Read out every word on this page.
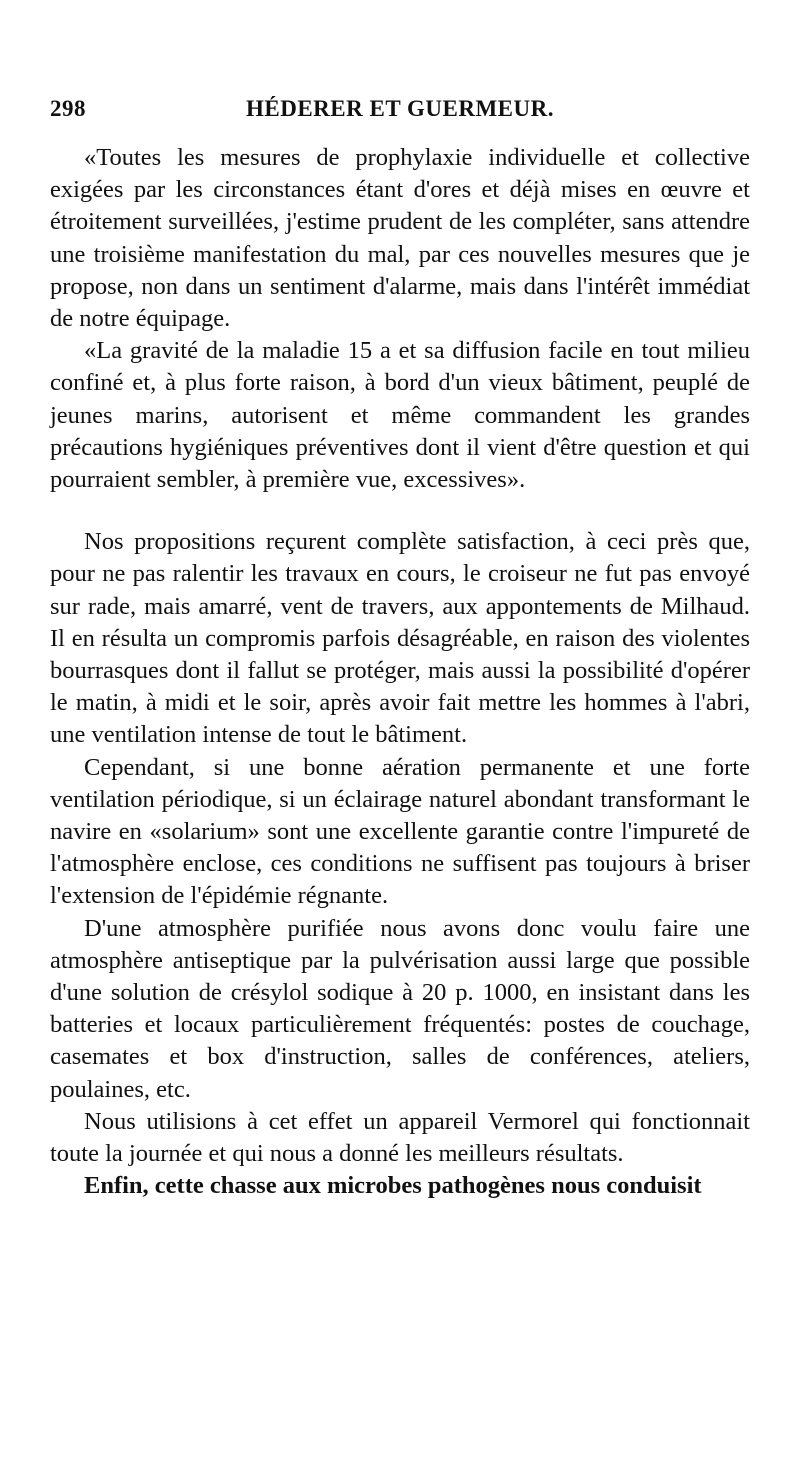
298	HÉDERER ET GUERMEUR.

«Toutes les mesures de prophylaxie individuelle et collective exigées par les circonstances étant d'ores et déjà mises en œuvre et étroitement surveillées, j'estime prudent de les compléter, sans attendre une troisième manifestation du mal, par ces nouvelles mesures que je propose, non dans un sentiment d'alarme, mais dans l'intérêt immédiat de notre équipage.

«La gravité de la maladie 15 a et sa diffusion facile en tout milieu confiné et, à plus forte raison, à bord d'un vieux bâtiment, peuplé de jeunes marins, autorisent et même commandent les grandes précautions hygiéniques préventives dont il vient d'être question et qui pourraient sembler, à première vue, excessives».

Nos propositions reçurent complète satisfaction, à ceci près que, pour ne pas ralentir les travaux en cours, le croiseur ne fut pas envoyé sur rade, mais amarré, vent de travers, aux appontements de Milhaud. Il en résulta un compromis parfois désagréable, en raison des violentes bourrasques dont il fallut se protéger, mais aussi la possibilité d'opérer le matin, à midi et le soir, après avoir fait mettre les hommes à l'abri, une ventilation intense de tout le bâtiment.

Cependant, si une bonne aération permanente et une forte ventilation périodique, si un éclairage naturel abondant transformant le navire en «solarium» sont une excellente garantie contre l'impureté de l'atmosphère enclose, ces conditions ne suffisent pas toujours à briser l'extension de l'épidémie régnante.

D'une atmosphère purifiée nous avons donc voulu faire une atmosphère antiseptique par la pulvérisation aussi large que possible d'une solution de crésylol sodique à 20 p. 1000, en insistant dans les batteries et locaux particulièrement fréquentés: postes de couchage, casemates et box d'instruction, salles de conférences, ateliers, poulaines, etc.

Nous utilisions à cet effet un appareil Vermorel qui fonctionnait toute la journée et qui nous a donné les meilleurs résultats.

Enfin, cette chasse aux microbes pathogènes nous conduisit
